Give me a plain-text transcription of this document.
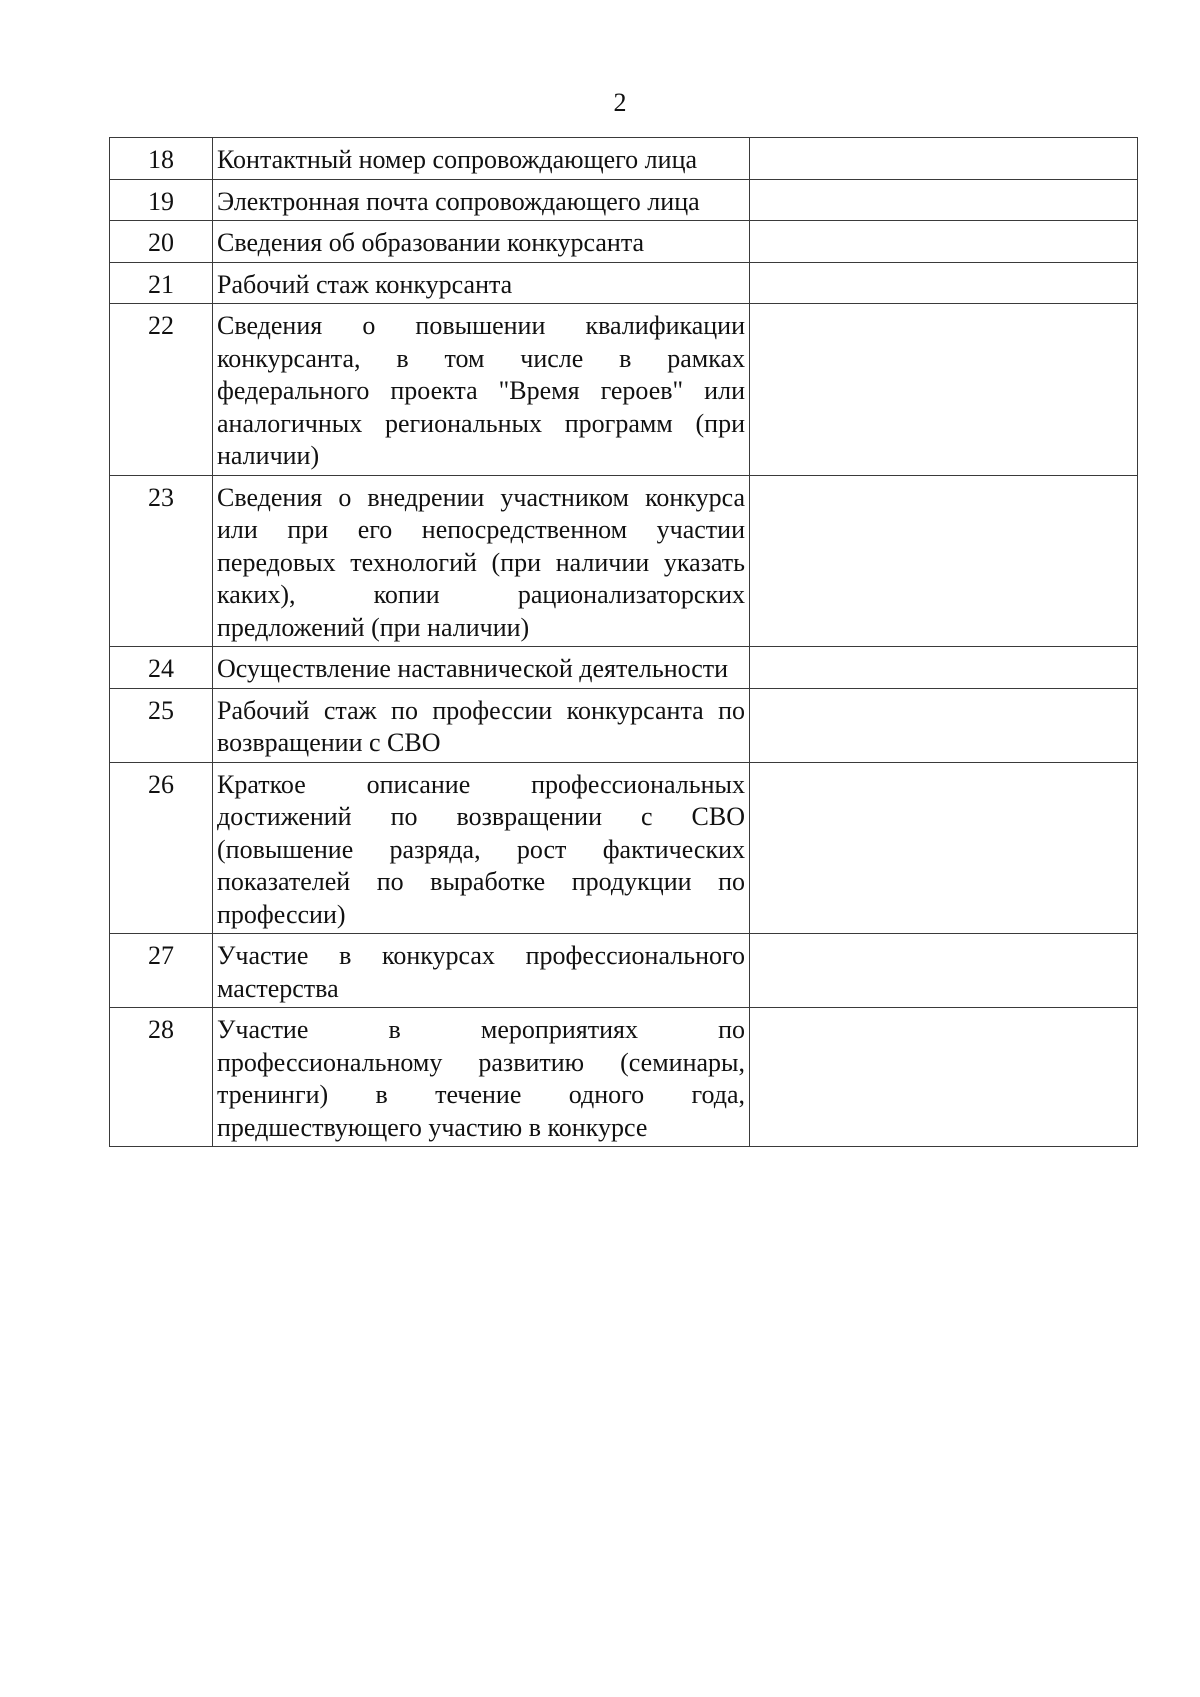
2
18	Контактный номер сопровождающего лица	
19	Электронная почта сопровождающего лица	
20	Сведения об образовании конкурсанта	
21	Рабочий стаж конкурсанта	
22	Сведения о повышении квалификации конкурсанта, в том числе в рамках федерального проекта "Время героев" или аналогичных региональных программ (при наличии)	
23	Сведения о внедрении участником конкурса или при его непосредственном участии передовых технологий (при наличии указать каких), копии рационализаторских предложений (при наличии)	
24	Осуществление наставнической деятельности	
25	Рабочий стаж по профессии конкурсанта по возвращении с СВО	
26	Краткое описание профессиональных достижений по возвращении с СВО (повышение разряда, рост фактических показателей по выработке продукции по профессии)	
27	Участие в конкурсах профессионального мастерства	
28	Участие в мероприятиях по профессиональному развитию (семинары, тренинги) в течение одного года, предшествующего участию в конкурсе	
